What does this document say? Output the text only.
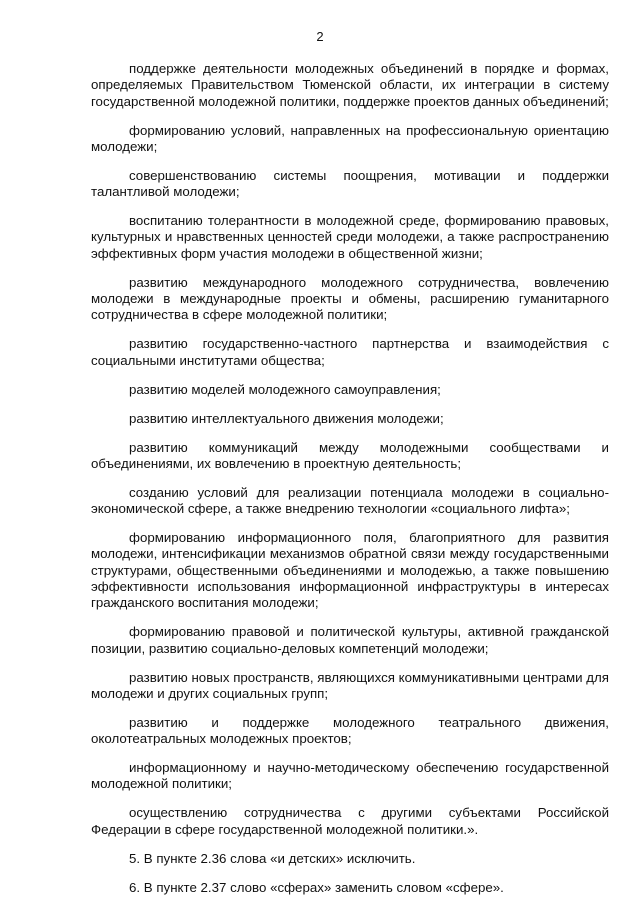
2

поддержке деятельности молодежных объединений в порядке и формах, определяемых Правительством Тюменской области, их интеграции в систему государственной молодежной политики, поддержке проектов данных объединений;

формированию условий, направленных на профессиональную ориентацию молодежи;

совершенствованию системы поощрения, мотивации и поддержки талантливой молодежи;

воспитанию толерантности в молодежной среде, формированию правовых, культурных и нравственных ценностей среди молодежи, а также распространению эффективных форм участия молодежи в общественной жизни;

развитию международного молодежного сотрудничества, вовлечению молодежи в международные проекты и обмены, расширению гуманитарного сотрудничества в сфере молодежной политики;

развитию государственно-частного партнерства и взаимодействия с социальными институтами общества;

развитию моделей молодежного самоуправления;

развитию интеллектуального движения молодежи;

развитию коммуникаций между молодежными сообществами и объединениями, их вовлечению в проектную деятельность;

созданию условий для реализации потенциала молодежи в социально-экономической сфере, а также внедрению технологии «социального лифта»;

формированию информационного поля, благоприятного для развития молодежи, интенсификации механизмов обратной связи между государственными структурами, общественными объединениями и молодежью, а также повышению эффективности использования информационной инфраструктуры в интересах гражданского воспитания молодежи;

формированию правовой и политической культуры, активной гражданской позиции, развитию социально-деловых компетенций молодежи;

развитию новых пространств, являющихся коммуникативными центрами для молодежи и других социальных групп;

развитию и поддержке молодежного театрального движения, околотеатральных молодежных проектов;

информационному и научно-методическому обеспечению государственной молодежной политики;

осуществлению сотрудничества с другими субъектами Российской Федерации в сфере государственной молодежной политики.».

5. В пункте 2.36 слова «и детских» исключить.

6. В пункте 2.37 слово «сферах» заменить словом «сфере».
